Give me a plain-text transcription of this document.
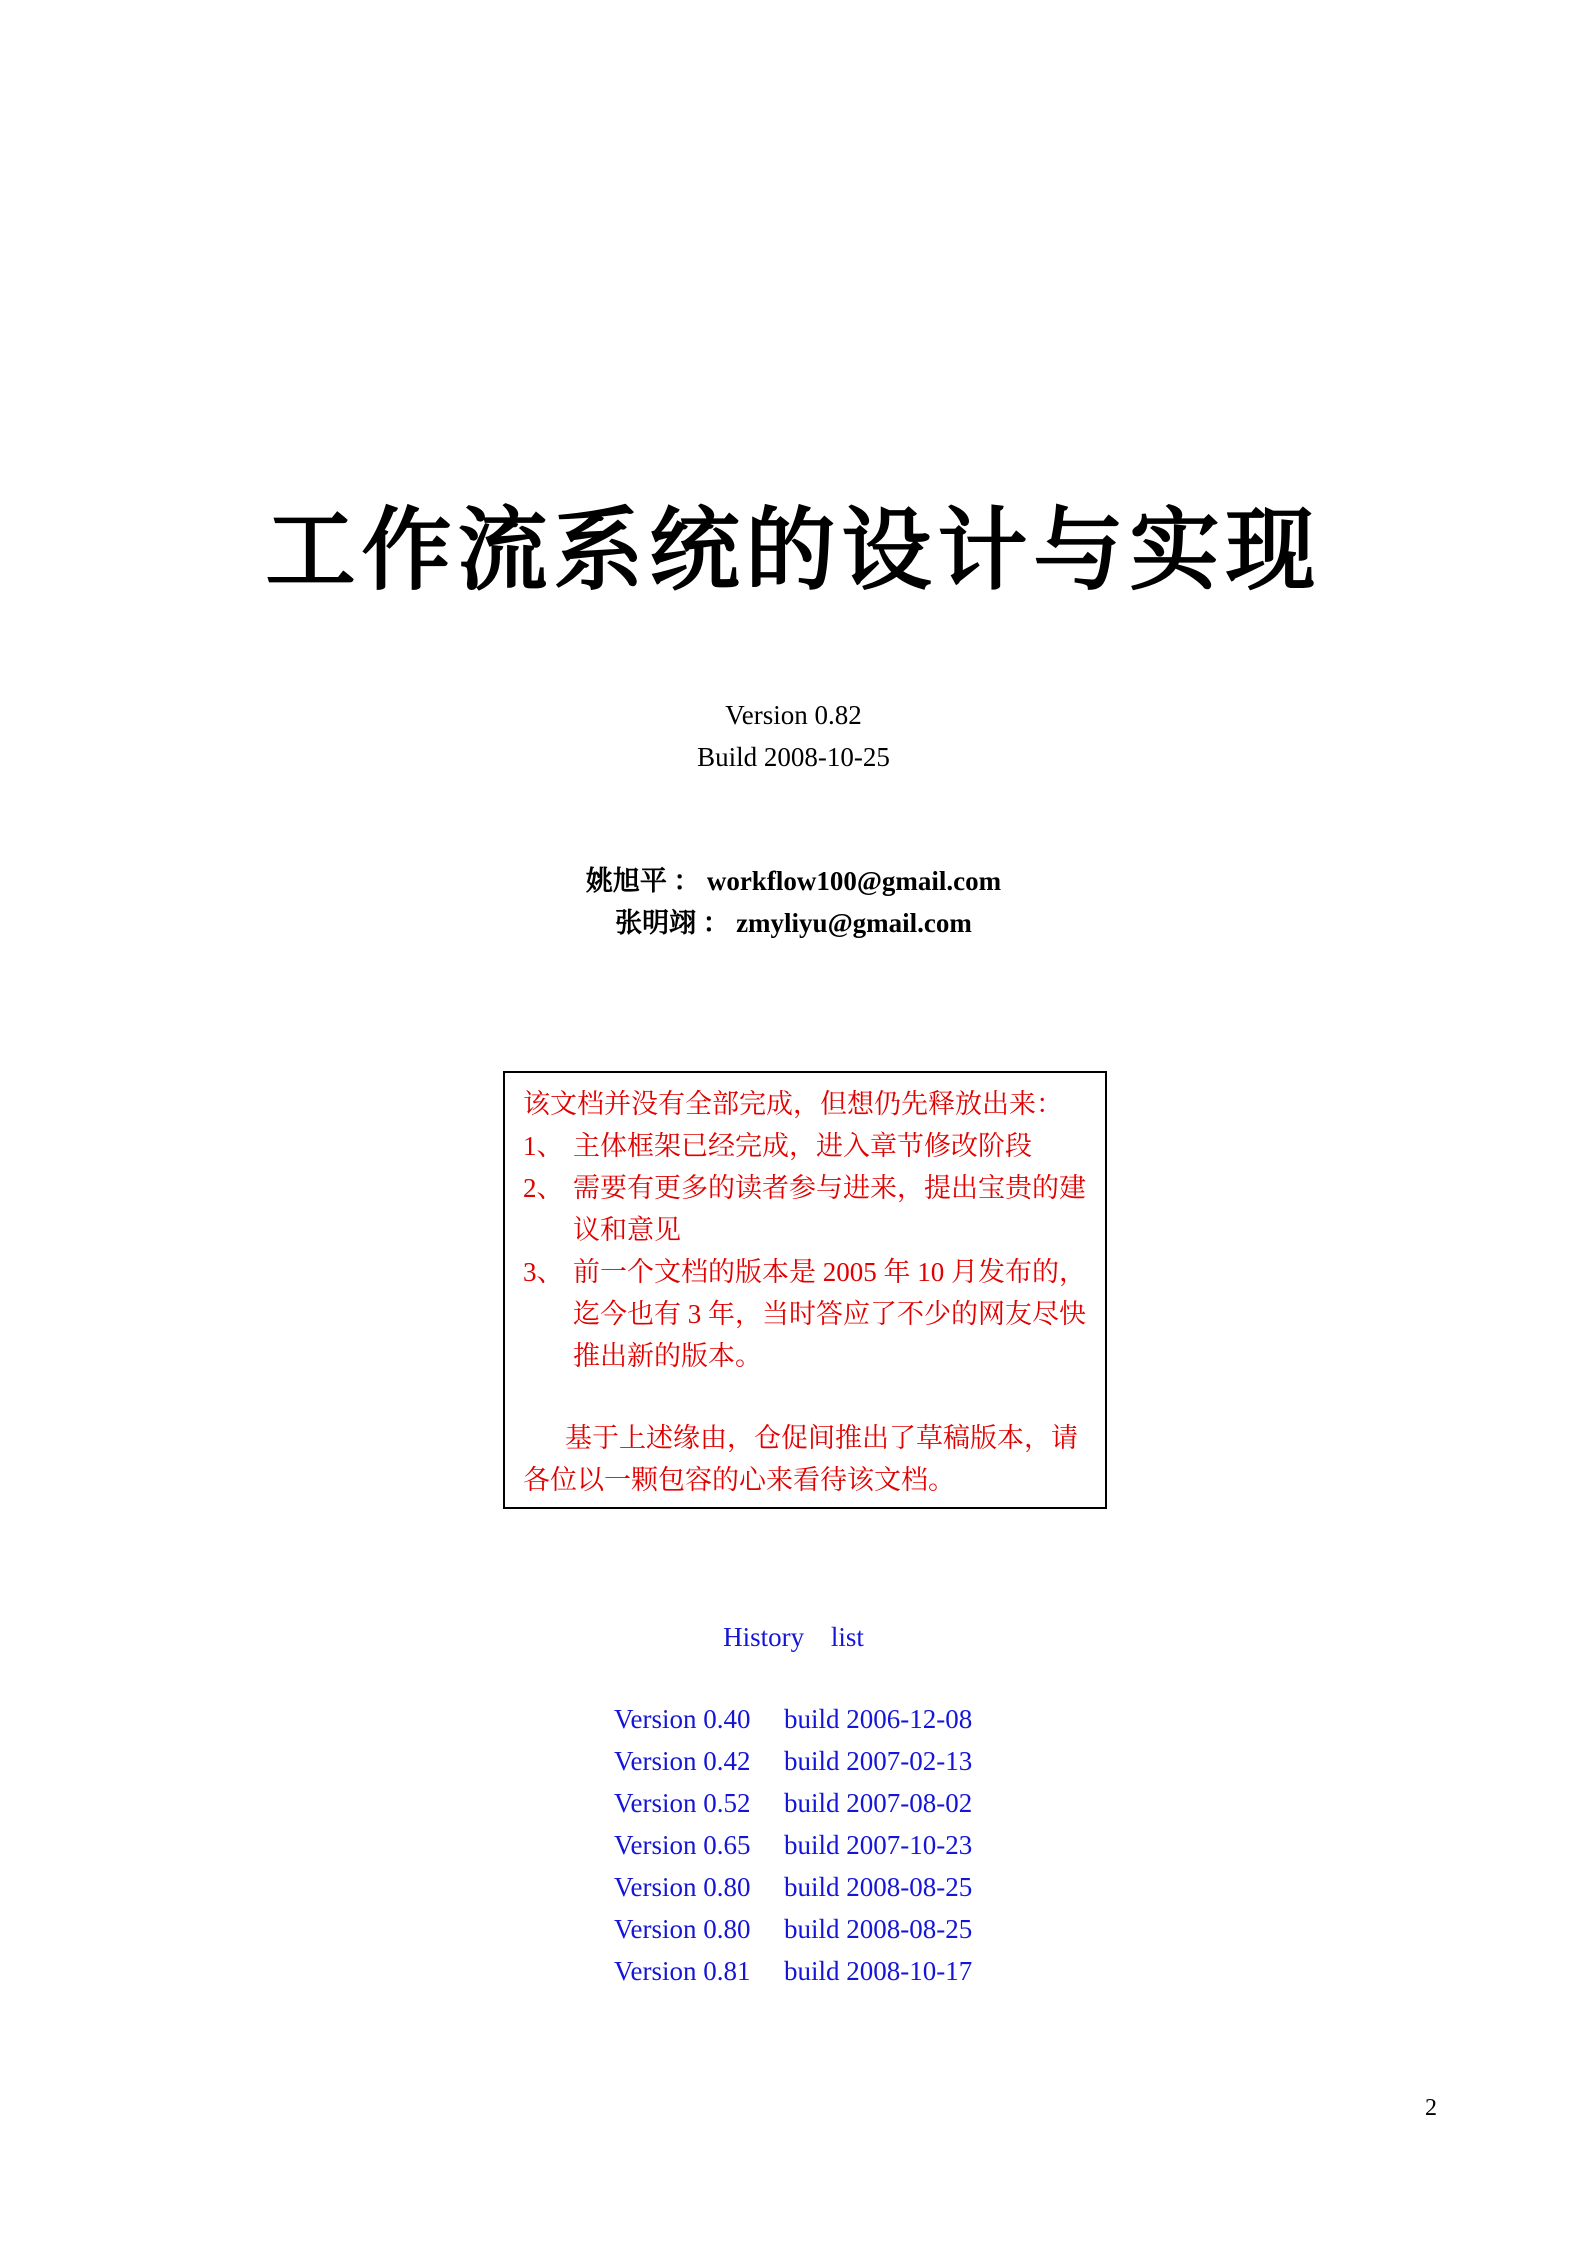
工作流系统的设计与实现
Version 0.82
Build 2008-10-25
姚旭平 ： workflow100@gmail.com
张明翊 ： zmyliyu@gmail.com

该文档并没有全部完成，但想仍先释放出来：

1、 主体框架已经完成，进入章节修改阶段
2、 需要有更多的读者参与进来，提出宝贵的建议和意见
3、 前一个文档的版本是 2005 年 10 月发布的，迄今也有 3 年，当时答应了不少的网友尽快推出新的版本。

基于上述缘由，仓促间推出了草稿版本，请各位以一颗包容的心来看待该文档。

History list
Version 0.40 build 2006-12-08
Version 0.42 build 2007-02-13
Version 0.52 build 2007-08-02
Version 0.65 build 2007-10-23
Version 0.80 build 2008-08-25
Version 0.80 build 2008-08-25
Version 0.81 build 2008-10-17
2
